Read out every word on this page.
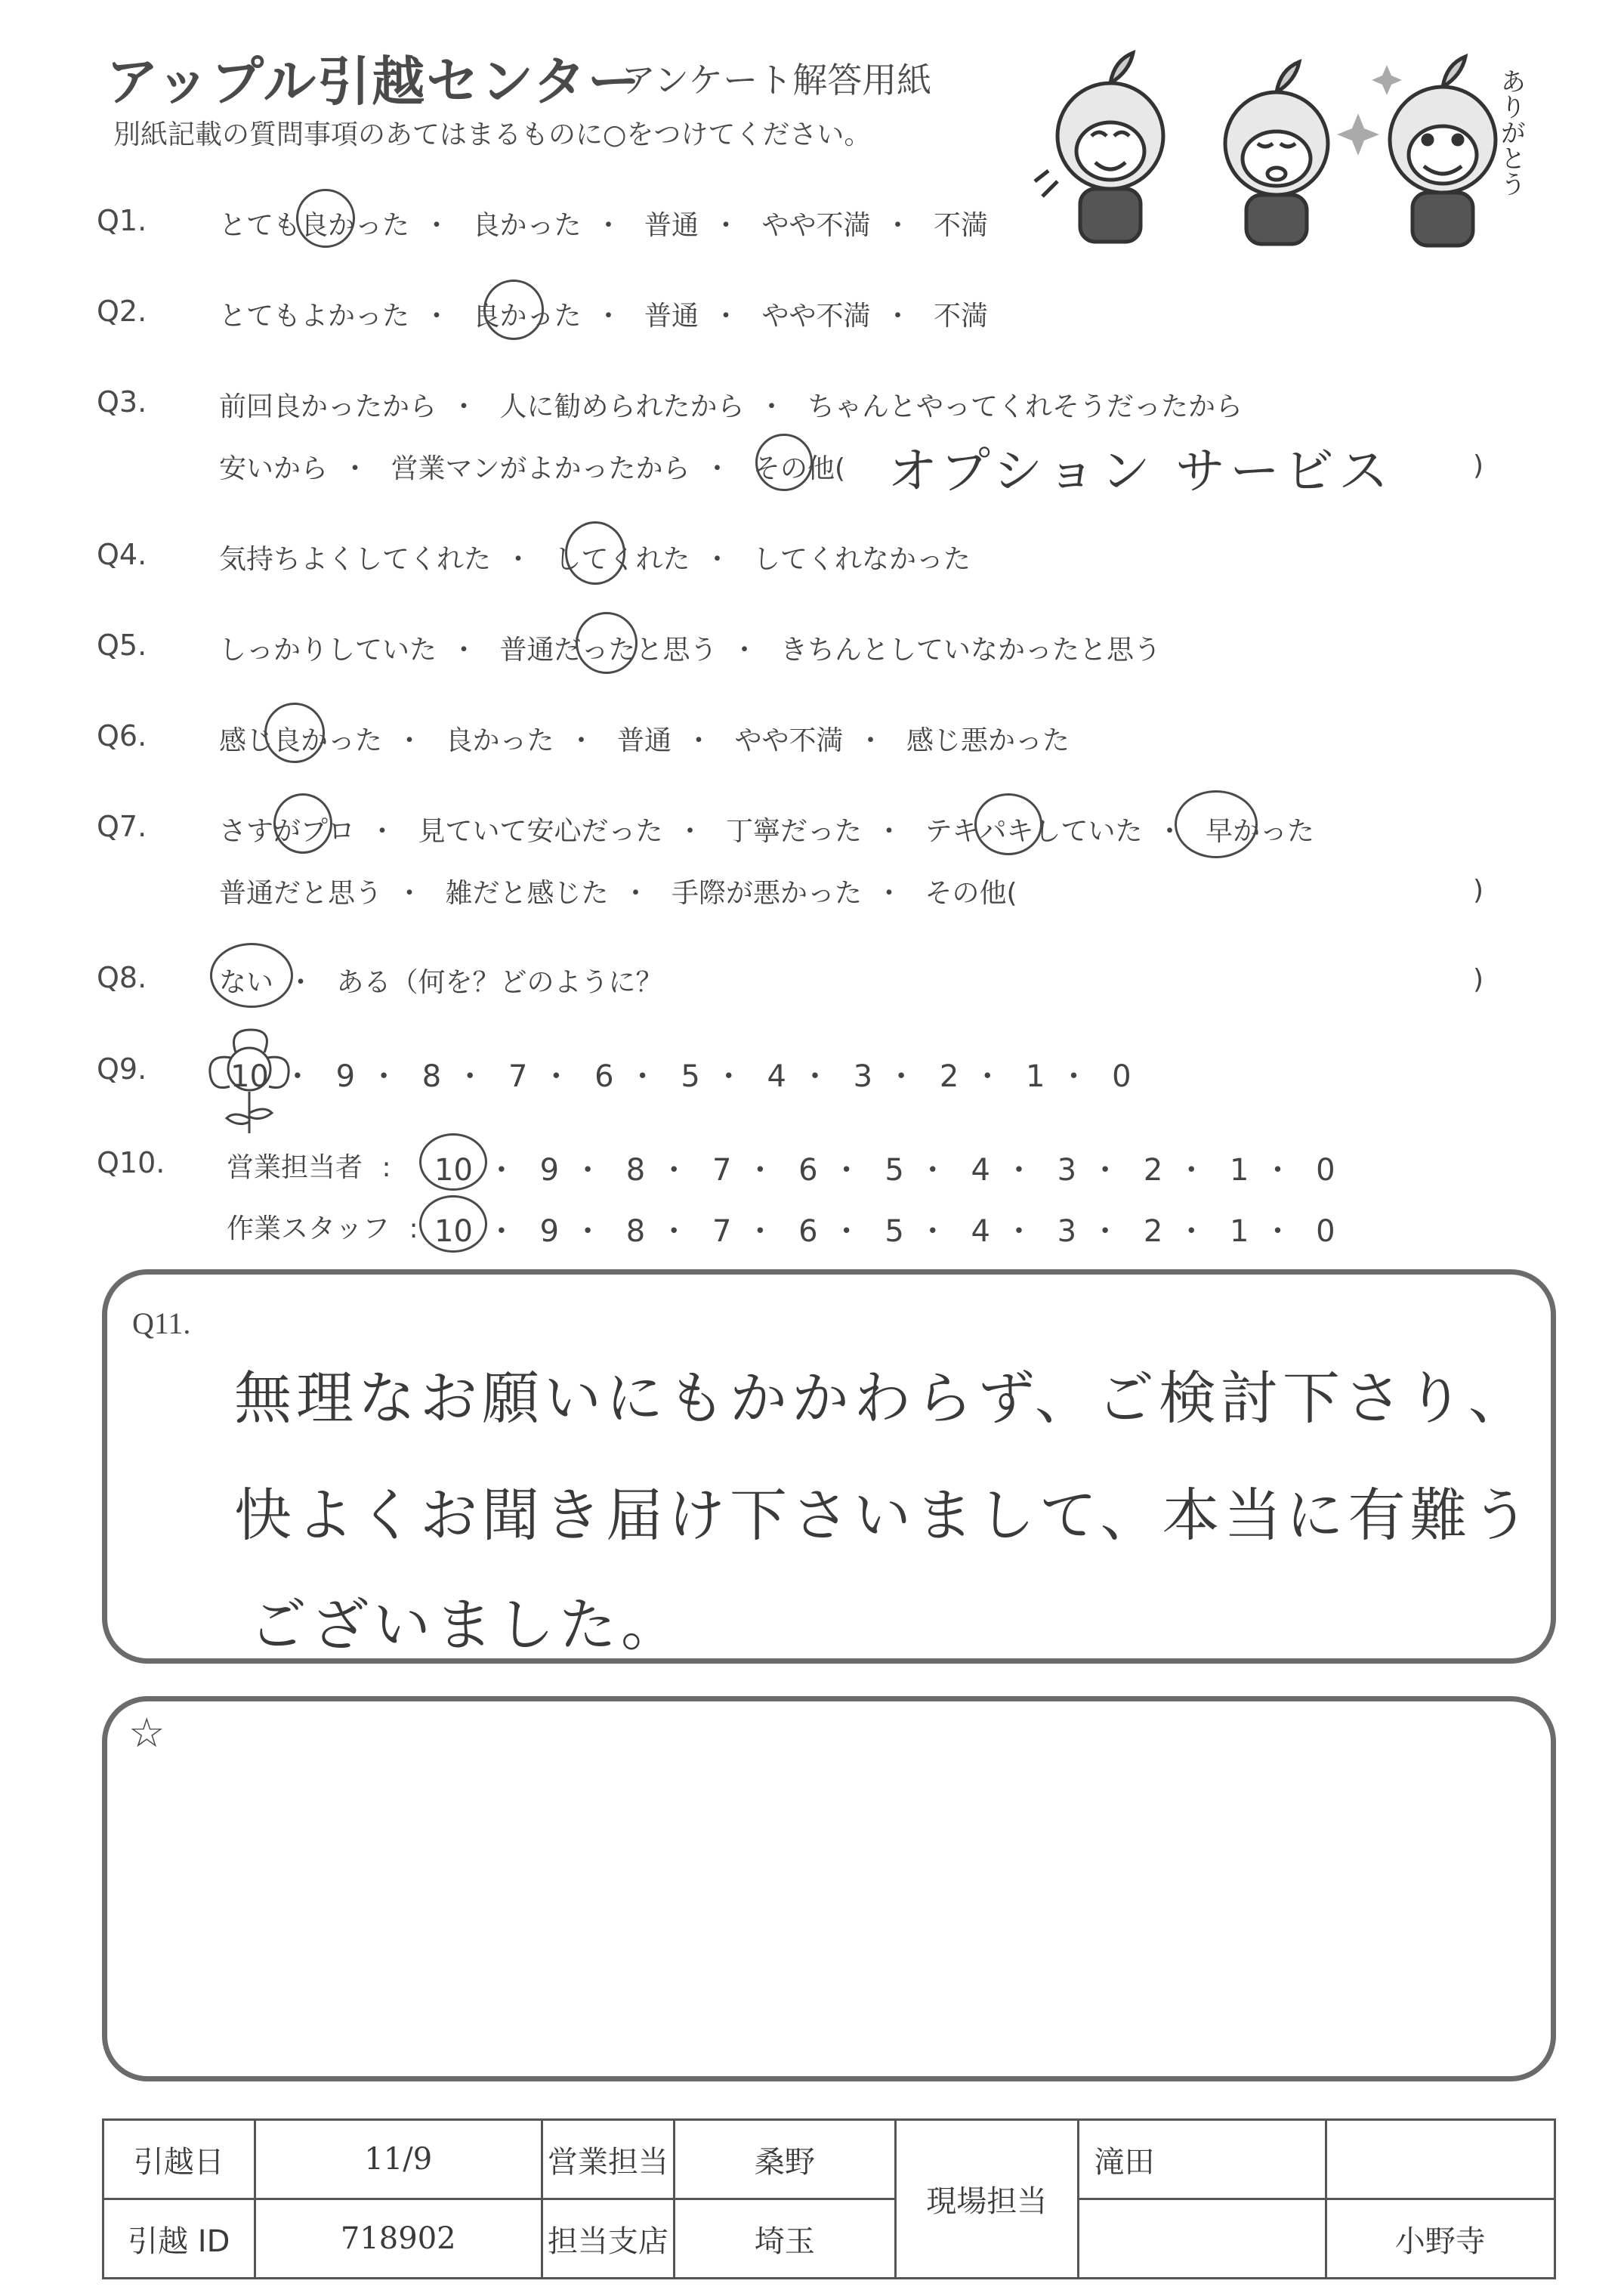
アップル引越センター
アンケート解答用紙
別紙記載の質問事項のあてはまるものに○をつけてください。	ありがとう
Q1.	とても良かった ・ 良かった ・ 普通 ・ やや不満 ・ 不満
Q2.	とてもよかった ・ 良かった ・ 普通 ・ やや不満 ・ 不満
Q3.	前回良かったから ・ 人に勧められたから ・ ちゃんとやってくれそうだったから
安いから ・ 営業マンがよかったから ・ その他( オプション サービス	)
Q4.	気持ちよくしてくれた ・ してくれた ・ してくれなかった
Q5.	しっかりしていた ・ 普通だったと思う ・ きちんとしていなかったと思う
Q6.	感じ良かった ・ 良かった ・ 普通 ・ やや不満 ・ 感じ悪かった
Q7.	さすがプロ ・ 見ていて安心だった ・ 丁寧だった ・ テキパキしていた ・ 早かった
普通だと思う ・ 雑だと感じた ・ 手際が悪かった ・ その他(	)
Q8.	ない ・ ある（何を？どのように？	)
Q9.	10 ・ 9 ・ 8 ・ 7 ・ 6 ・ 5 ・ 4 ・ 3 ・ 2 ・ 1 ・ 0
Q10. 営業担当者 :	10 ・ 9 ・ 8 ・ 7 ・ 6 ・ 5 ・ 4 ・ 3 ・ 2 ・ 1 ・ 0
作業スタッフ : 10 ・ 9 ・ 8 ・ 7 ・ 6 ・ 5 ・ 4 ・ 3 ・ 2 ・ 1 ・ 0
Q11.
無理なお願いにもかかわらず、ご検討下さり、
快よくお聞き届け下さいまして、本当に有難う
ございました。
☆
引越日	11/9	営業担当	桑野	現場担当	滝田	
引越 ID	718902	担当支店	埼玉			小野寺
